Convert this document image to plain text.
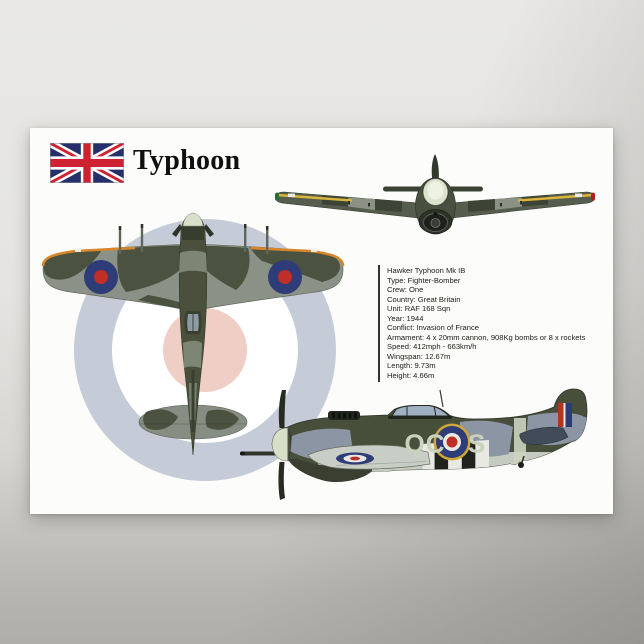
QC S
Typhoon
Hawker Typhoon Mk IB
Type: Fighter-Bomber
Crew: One
Country: Great Britain
Unit: RAF 168 Sqn
Year: 1944
Conflict: Invasion of France
Armament: 4 x 20mm cannon, 908Kg bombs or 8 x rockets
Speed: 412mph - 663km/h
Wingspan: 12.67m
Length: 9.73m
Height: 4.66m
